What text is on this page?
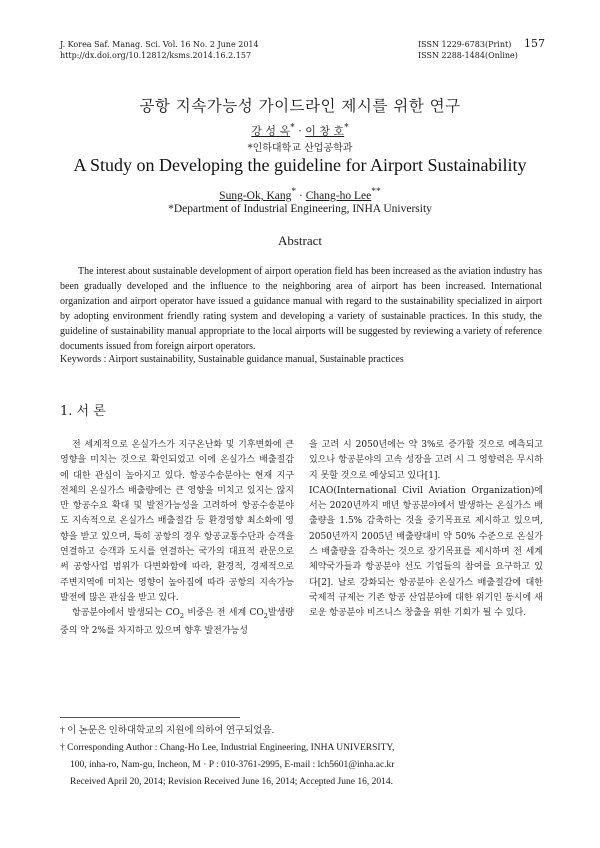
J. Korea Saf. Manag. Sci. Vol. 16 No. 2 June 2014
http://dx.doi.org/10.12812/ksms.2014.16.2.157
ISSN 1229-6783(Print)
ISSN 2288-1484(Online)
157
공항 지속가능성 가이드라인 제시를 위한 연구
강 성 옥* · 이 창 호*
*인하대학교 산업공학과
A Study on Developing the guideline for Airport Sustainability
Sung-Ok, Kang* · Chang-ho Lee**
*Department of Industrial Engineering, INHA University
Abstract

The interest about sustainable development of airport operation field has been increased as the aviation industry has been gradually developed and the influence to the neighboring area of airport has been increased. International organization and airport operator have issued a guidance manual with regard to the sustainability specialized in airport by adopting environment friendly rating system and developing a variety of sustainable practices. In this study, the guideline of sustainability manual appropriate to the local airports will be suggested by reviewing a variety of reference documents issued from foreign airport operators.

Keywords : Airport sustainability, Sustainable guidance manual, Sustainable practices
1. 서 론

전 세계적으로 온실가스가 지구온난화 및 기후변화에 큰 영향을 미치는 것으로 확인되었고 이에 온실가스 배출절감에 대한 관심이 높아지고 있다. 항공수송분야는 현재 지구 전체의 온실가스 배출량에는 큰 영향을 미치고 있지는 않지만 항공수요 확대 및 발전가능성을 고려하여 항공수송분야도 지속적으로 온실가스 배출절감 등 환경영향 최소화에 영향을 받고 있으며, 특히 공항의 경우 항공교통수단과 승객을 연결하고 승객과 도시를 연결하는 국가의 대표적 관문으로써 공항사업 범위가 다변화함에 따라, 환경적, 경제적으로 주변지역에 미치는 영향이 높아짐에 따라 공항의 지속가능 발전에 많은 관심을 받고 있다.

항공분야에서 발생되는 $CO_2$ 비중은 전 세계 $CO_2$발생량 중의 약 2%를 차지하고 있으며 향후 발전가능성

을 고려 시 2050년에는 약 3%로 증가할 것으로 예측되고 있으나 항공분야의 고속 성장을 고려 시 그 영향력은 무시하지 못할 것으로 예상되고 있다[1].

ICAO(International Civil Aviation Organization)에서는 2020년까지 매년 항공분야에서 발생하는 온실가스 배출량을 1.5% 감축하는 것을 중기목표로 제시하고 있으며, 2050년까지 2005년 배출량대비 약 50% 수준으로 온실가스 배출량을 감축하는 것으로 장기목표를 제시하며 전 세계 체약국가들과 항공분야 선도 기업들의 참여를 요구하고 있다[2]. 날로 강화되는 항공분야 온실가스 배출절감에 대한 국제적 규제는 기존 항공 산업분야에 대한 위기인 동시에 새로운 항공분야 비즈니스 창출을 위한 기회가 될 수 있다.

† 이 논문은 인하대학교의 지원에 의하여 연구되었음.
† Corresponding Author : Chang-Ho Lee, Industrial Engineering, INHA UNIVERSITY,
100, inha-ro, Nam-gu, Incheon, M · P : 010-3761-2995, E-mail : lch5601@inha.ac.kr
Received April 20, 2014; Revision Received June 16, 2014; Accepted June 16, 2014.
